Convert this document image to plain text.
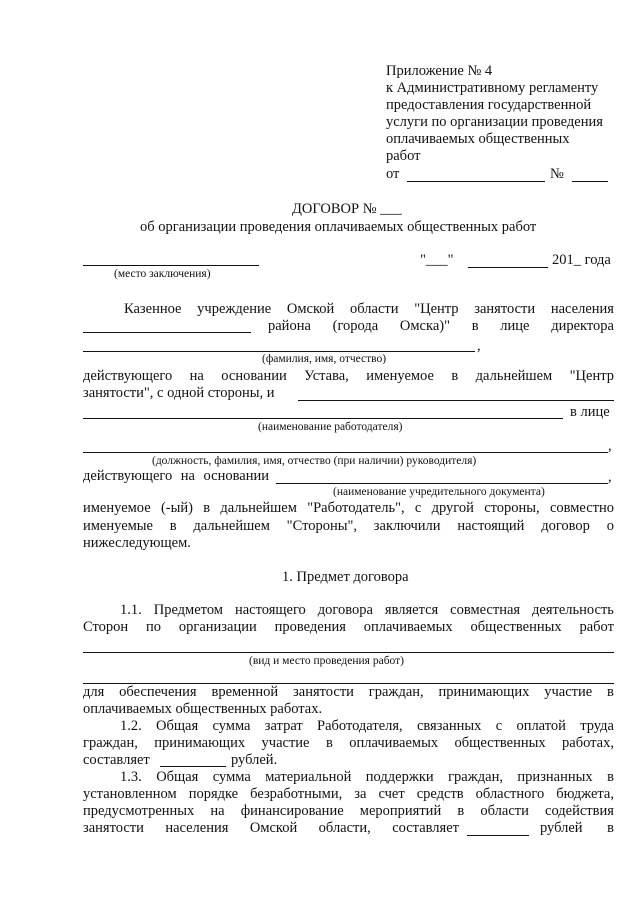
Приложение № 4
к Административному регламенту
предоставления государственной
услуги по организации проведения
оплачиваемых общественных
работ
от	№
ДОГОВОР № ___
об организации проведения оплачиваемых общественных работ
(место заключения)
"___"	201_ года
Казенное учреждение Омской области "Центр занятости населения
района (города Омска)" в лице директора
,
(фамилия, имя, отчество)
действующего на основании Устава, именуемое в дальнейшем "Центр
занятости", с одной стороны, и
в лице
(наименование работодателя)
,
(должность, фамилия, имя, отчество (при наличии) руководителя)
действующего на основании	,
(наименование учредительного документа)
именуемое (-ый) в дальнейшем "Работодатель", с другой стороны, совместно
именуемые в дальнейшем "Стороны", заключили настоящий договор о
нижеследующем.
1. Предмет договора
1.1. Предметом настоящего договора является совместная деятельность
Сторон по организации проведения оплачиваемых общественных работ
(вид и место проведения работ)
для обеспечения временной занятости граждан, принимающих участие в
оплачиваемых общественных работах.
1.2. Общая сумма затрат Работодателя, связанных с оплатой труда
граждан, принимающих участие в оплачиваемых общественных работах,
составляет	рублей.
1.3. Общая сумма материальной поддержки граждан, признанных в
установленном порядке безработными, за счет средств областного бюджета,
предусмотренных на финансирование мероприятий в области содействия
занятости населения Омской области, составляет	рублей в
